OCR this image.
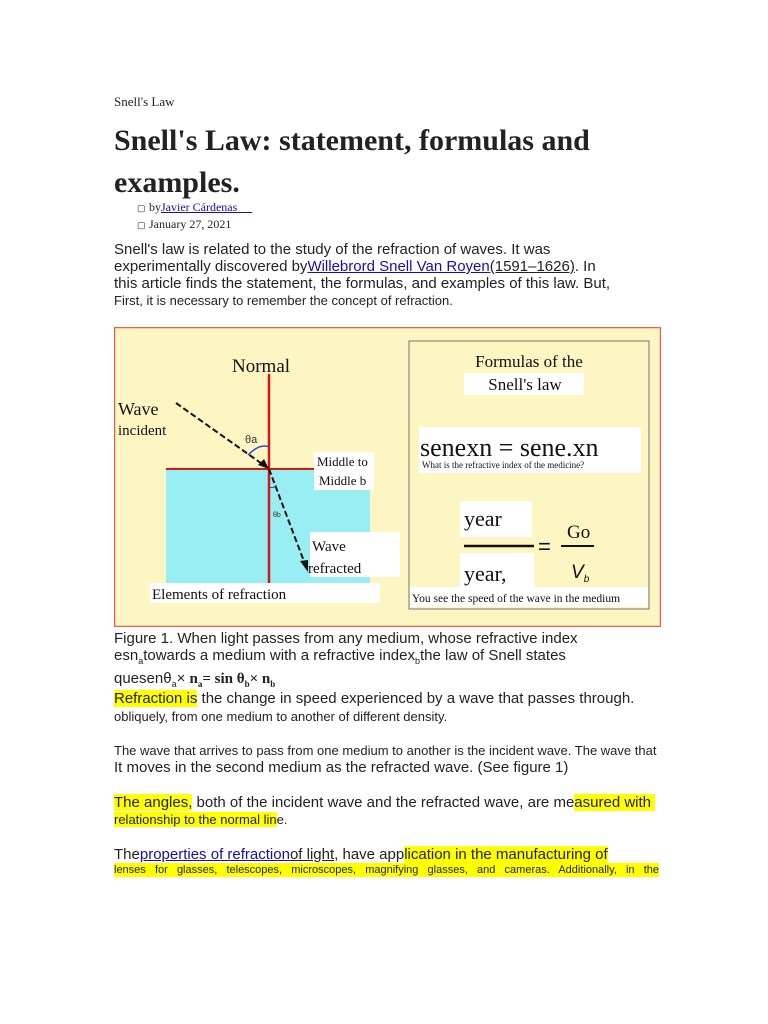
Snell's Law
Snell's Law: statement, formulas and examples.
▢ byJavier Cárdenas
▢ January 27, 2021
Snell's law is related to the study of the refraction of waves. It was
experimentally discovered byWillebrord Snell Van Royen(1591–1626). In
this article finds the statement, the formulas, and examples of this law. But,
First, it is necessary to remember the concept of refraction.
Normal
Wave
incident
θa
θb
Middle to
Middle b
Wave
refracted
Elements of refraction
Formulas of the
Snell's law
senexn = sene.xn
What is the refractive index of the medicine?
year
year,
=
Go
$V_b$
You see the speed of the wave in the medium
Figure 1. When light passes from any medium, whose refractive index
esn$_a$towards a medium with a refractive index$_b$the law of Snell states
quesenθ$_a$× $n_a= \sin \theta_b\times n_b$
Refraction is the change in speed experienced by a wave that passes through.
obliquely, from one medium to another of different density.
The wave that arrives to pass from one medium to another is the incident wave. The wave that
It moves in the second medium as the refracted wave. (See figure 1)
The angles, both of the incident wave and the refracted wave, are measured with
relationship to the normal line.
Theproperties of refractionof light, have application in the manufacturing of
lenses for glasses, telescopes, microscopes, magnifying glasses, and cameras. Additionally, in the
